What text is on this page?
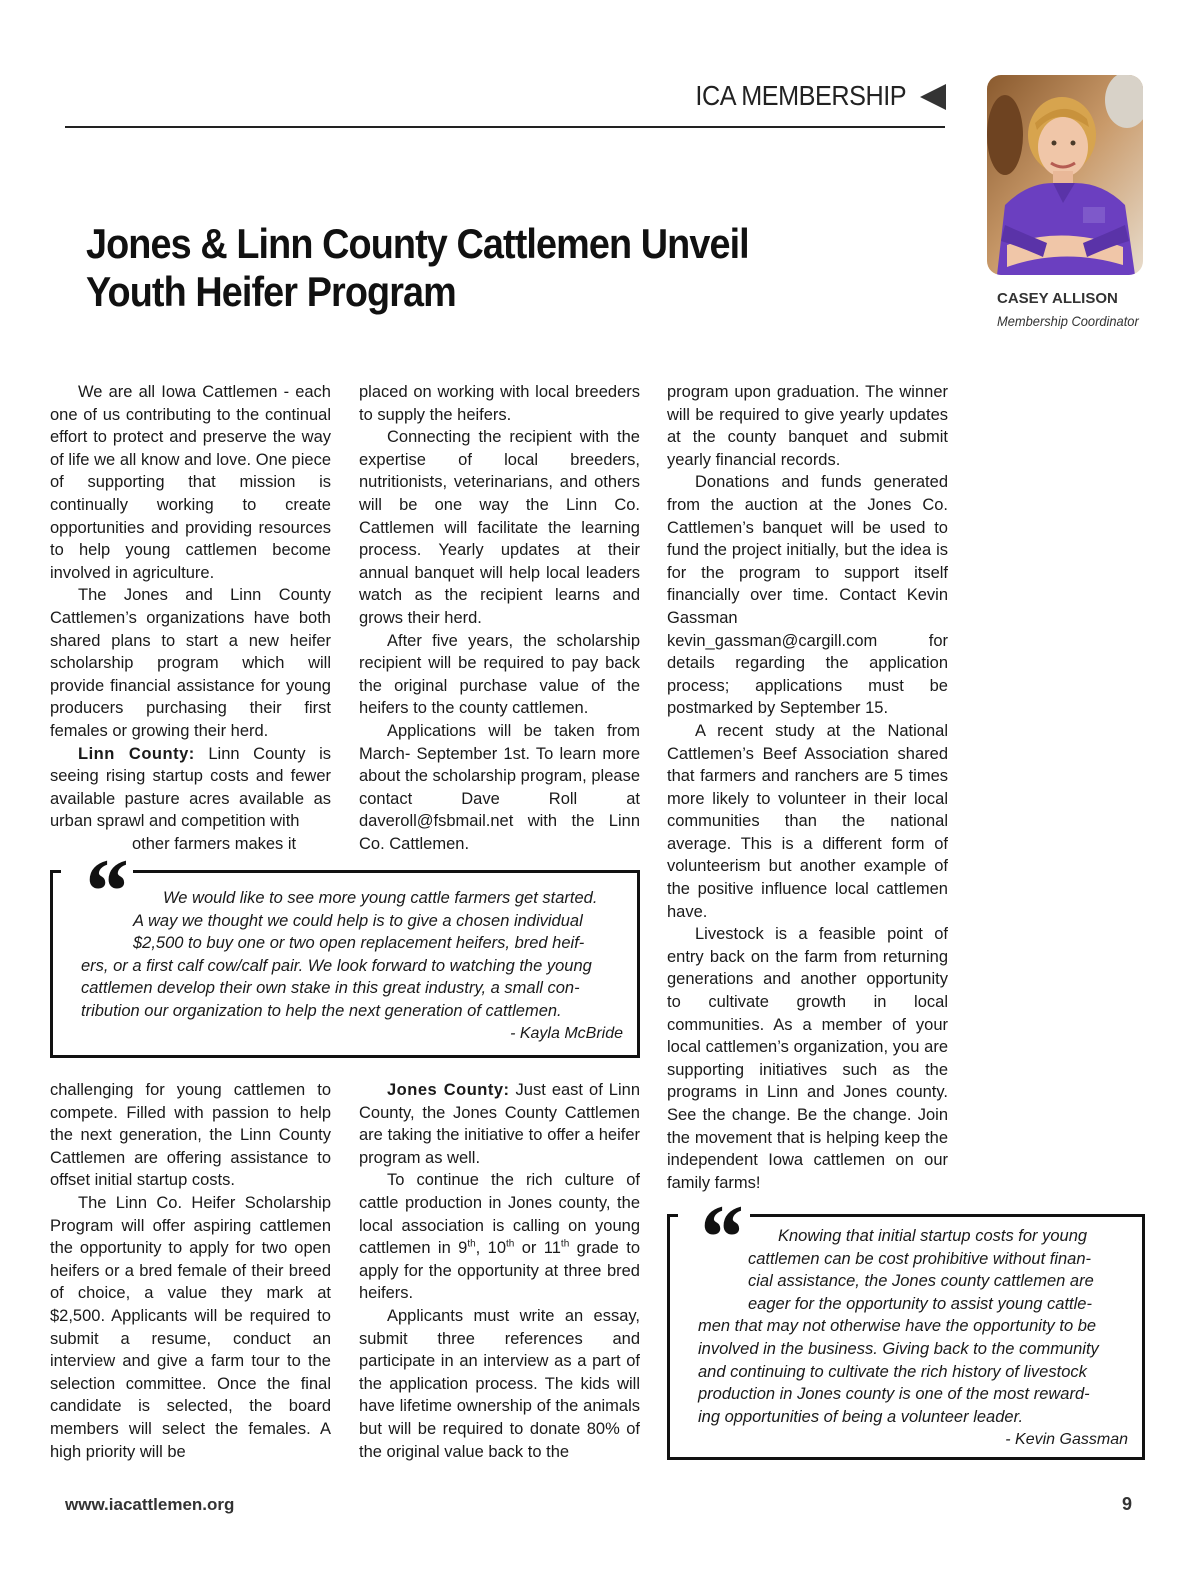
ICA MEMBERSHIP
CASEY ALLISON
Membership Coordinator
Jones & Linn County Cattlemen Unveil
Youth Heifer Program

We are all Iowa Cattlemen - each one of us contributing to the continual effort to protect and preserve the way of life we all know and love. One piece of supporting that mission is continually working to create opportunities and providing resources to help young cattlemen become involved in agriculture.

The Jones and Linn County Cattlemen’s organizations have both shared plans to start a new heifer scholarship program which will provide financial assistance for young producers purchasing their first females or growing their herd.

Linn County: Linn County is seeing rising startup costs and fewer available pasture acres available as urban sprawl and competition with

other farmers makes it

placed on working with local breeders to supply the heifers.

Connecting the recipient with the expertise of local breeders, nutritionists, veterinarians, and others will be one way the Linn Co. Cattlemen will facilitate the learning process. Yearly updates at their annual banquet will help local leaders watch as the recipient learns and grows their herd.

After five years, the scholarship recipient will be required to pay back the original purchase value of the heifers to the county cattlemen.

Applications will be taken from March- September 1st. To learn more about the scholarship program, please contact Dave Roll at daveroll@fsbmail.net with the Linn Co. Cattlemen.

program upon graduation. The winner will be required to give yearly updates at the county banquet and submit yearly financial records.

Donations and funds generated from the auction at the Jones Co. Cattlemen’s banquet will be used to fund the project initially, but the idea is for the program to support itself financially over time. Contact Kevin Gassman kevin_gassman@cargill.com for details regarding the application process; applications must be postmarked by September 15.

A recent study at the National Cattlemen’s Beef Association shared that farmers and ranchers are 5 times more likely to volunteer in their local communities than the national average. This is a different form of volunteerism but another example of the positive influence local cattlemen have.

Livestock is a feasible point of entry back on the farm from returning generations and another opportunity to cultivate growth in local communities. As a member of your local cattlemen’s organization, you are supporting initiatives such as the programs in Linn and Jones county. See the change. Be the change. Join the movement that is helping keep the independent Iowa cattlemen on our family farms!

“	We would like to see more young cattle farmers get started.

A way we thought we could help is to give a chosen individual

$2,500 to buy one or two open replacement heifers, bred heif-

ers, or a first calf cow/calf pair. We look forward to watching the young

cattlemen develop their own stake in this great industry, a small con-

tribution our organization to help the next generation of cattlemen.

- Kayla McBride

challenging for young cattlemen to compete. Filled with passion to help the next generation, the Linn County Cattlemen are offering assistance to offset initial startup costs.

The Linn Co. Heifer Scholarship Program will offer aspiring cattlemen the opportunity to apply for two open heifers or a bred female of their breed of choice, a value they mark at $2,500. Applicants will be required to submit a resume, conduct an interview and give a farm tour to the selection committee. Once the final candidate is selected, the board members will select the females. A high priority will be

Jones County: Just east of Linn County, the Jones County Cattlemen are taking the initiative to offer a heifer program as well.

To continue the rich culture of cattle production in Jones county, the local association is calling on young cattlemen in 9th, 10th or 11th grade to apply for the opportunity at three bred heifers.

Applicants must write an essay, submit three references and participate in an interview as a part of the application process. The kids will have lifetime ownership of the animals but will be required to donate 80% of the original value back to the

“	Knowing that initial startup costs for young

cattlemen can be cost prohibitive without finan-

cial assistance, the Jones county cattlemen are

eager for the opportunity to assist young cattle-

men that may not otherwise have the opportunity to be

involved in the business. Giving back to the community

and continuing to cultivate the rich history of livestock

production in Jones county is one of the most reward-

ing opportunities of being a volunteer leader.

- Kevin Gassman
www.iacattlemen.org	9
